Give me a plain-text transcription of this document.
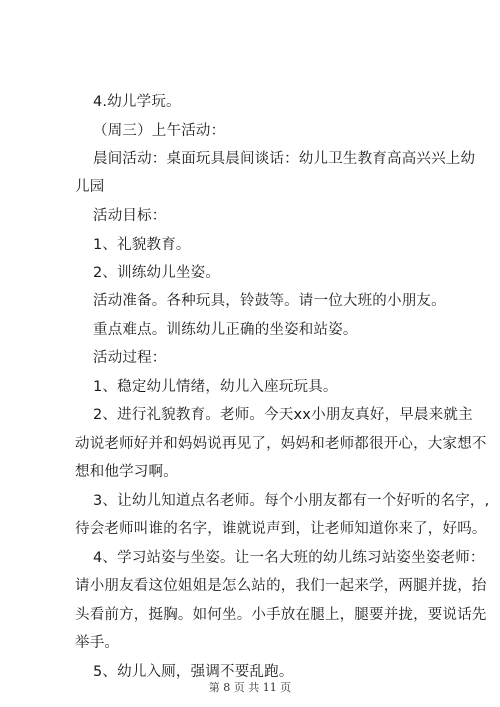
4.幼儿学玩。
（周三）上午活动：
晨间活动：桌面玩具晨间谈话：幼儿卫生教育高高兴兴上幼
儿园
活动目标：
1、礼貌教育。
2、训练幼儿坐姿。
活动准备。各种玩具，铃鼓等。请一位大班的小朋友。
重点难点。训练幼儿正确的坐姿和站姿。
活动过程：
1、稳定幼儿情绪，幼儿入座玩玩具。
2、进行礼貌教育。老师。今天xx小朋友真好，早晨来就主
动说老师好并和妈妈说再见了，妈妈和老师都很开心，大家想不
想和他学习啊。
3、让幼儿知道点名老师。每个小朋友都有一个好听的名字，,
待会老师叫谁的名字，谁就说声到，让老师知道你来了，好吗。
4、学习站姿与坐姿。让一名大班的幼儿练习站姿坐姿老师：
请小朋友看这位姐姐是怎么站的，我们一起来学，两腿并拢，抬
头看前方，挺胸。如何坐。小手放在腿上，腿要并拢，要说话先
举手。
5、幼儿入厕，强调不要乱跑。
第 8 页 共 11 页
